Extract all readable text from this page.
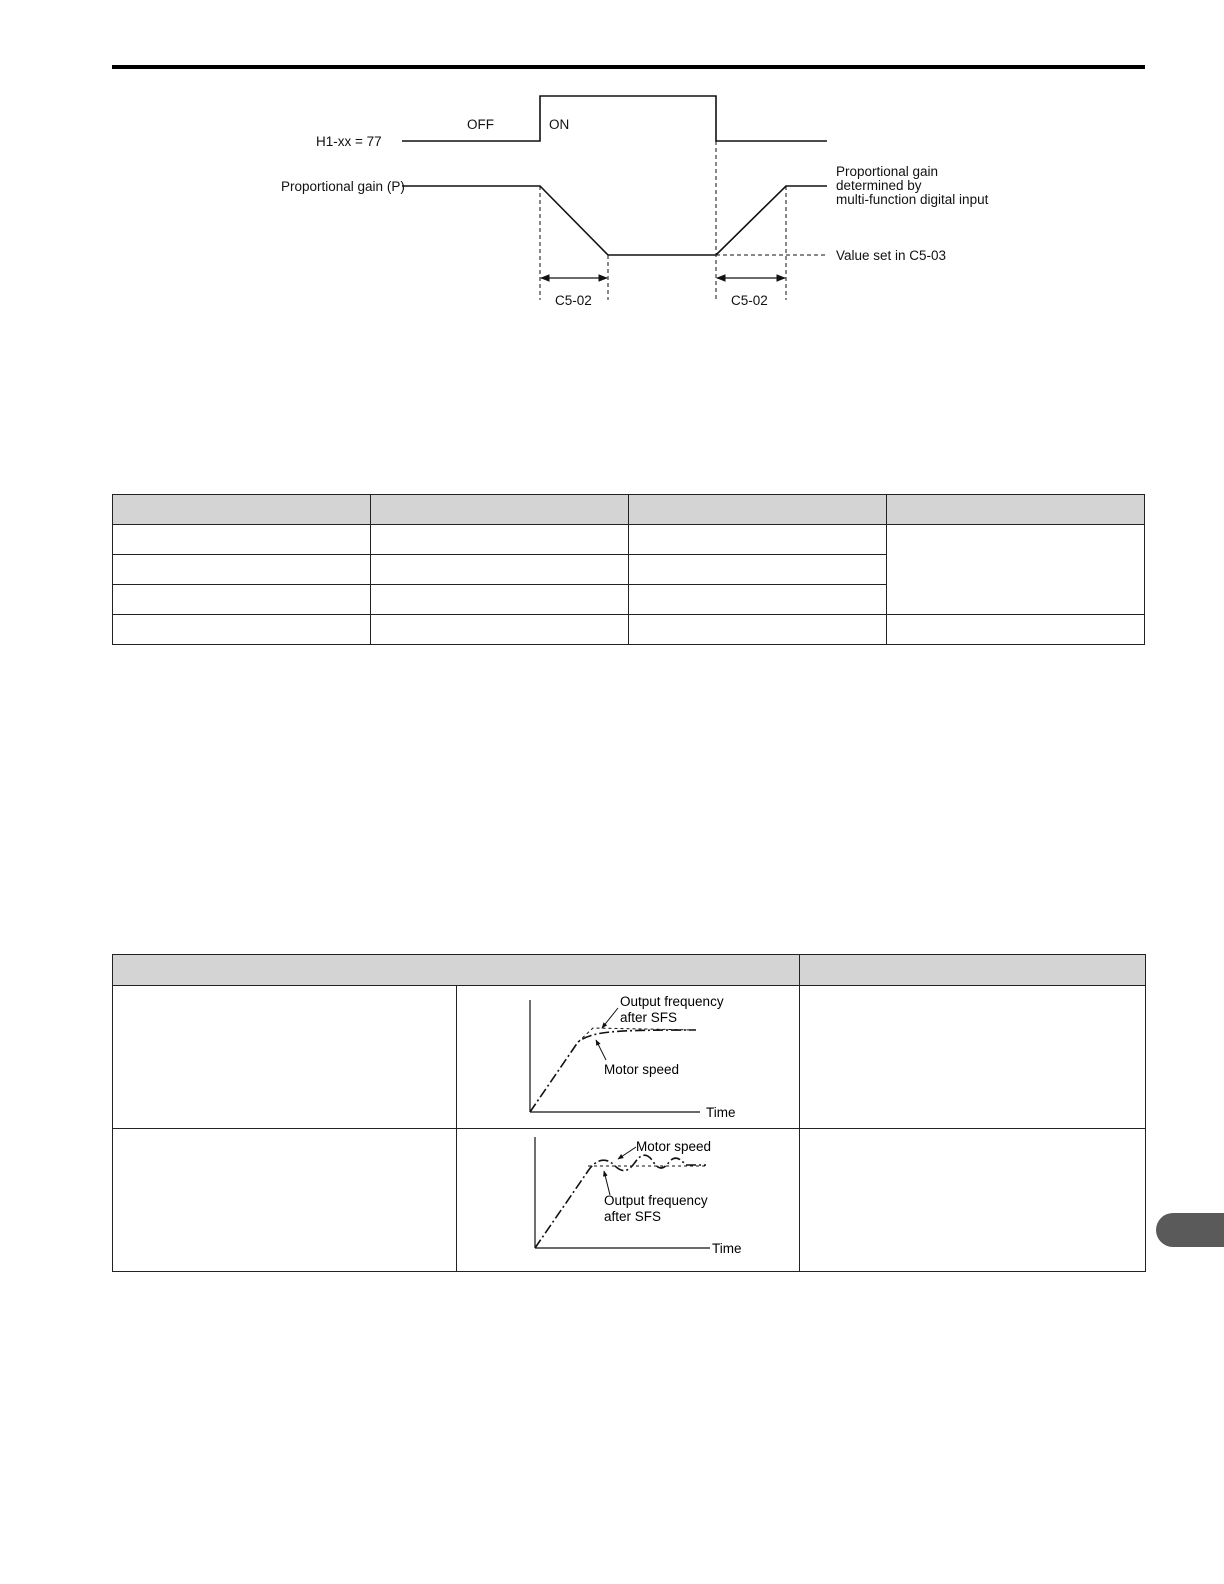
H1-xx = 77
OFF	ON
Proportional gain (P)
Proportional gain
determined by
multi-function digital input
Value set in C5-03
C5-02	C5-02

Output frequency
after SFS
Motor speed
Time	

Motor speed
Output frequency
after SFS
Time	
